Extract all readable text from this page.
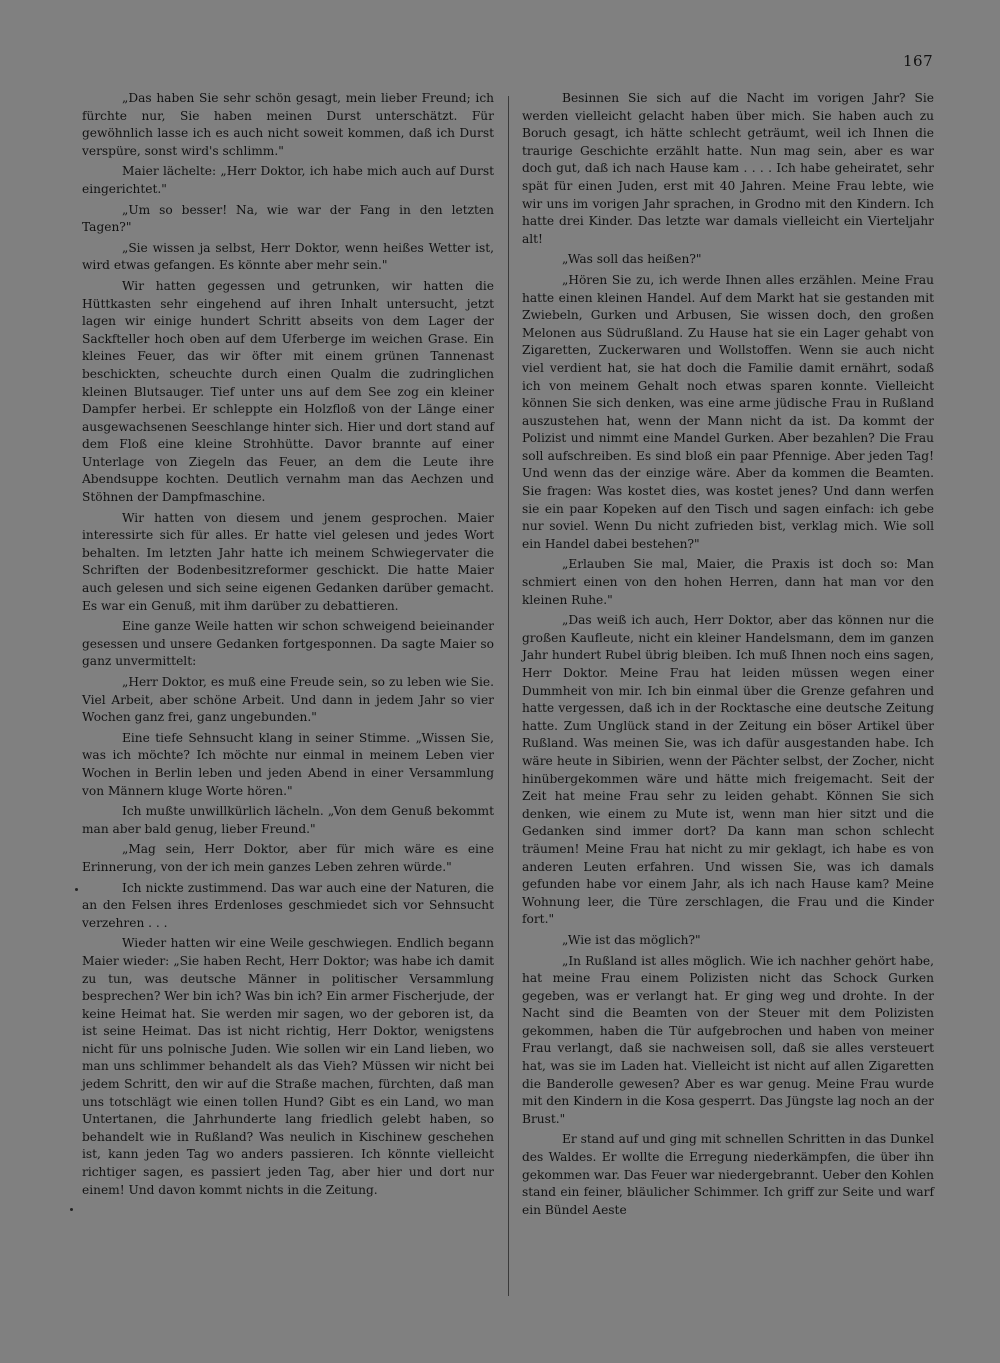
167

„Das haben Sie sehr schön gesagt, mein lieber Freund; ich fürchte nur, Sie haben meinen Durst unterschätzt. Für gewöhnlich lasse ich es auch nicht soweit kommen, daß ich Durst verspüre, sonst wird's schlimm."

Maier lächelte: „Herr Doktor, ich habe mich auch auf Durst eingerichtet."

„Um so besser! Na, wie war der Fang in den letzten Tagen?"

„Sie wissen ja selbst, Herr Doktor, wenn heißes Wetter ist, wird etwas gefangen. Es könnte aber mehr sein."

Wir hatten gegessen und getrunken, wir hatten die Hüttkasten sehr eingehend auf ihren Inhalt untersucht, jetzt lagen wir einige hundert Schritt abseits von dem Lager der Sackfteller hoch oben auf dem Uferberge im weichen Grase. Ein kleines Feuer, das wir öfter mit einem grünen Tannenast beschickten, scheuchte durch einen Qualm die zudringlichen kleinen Blutsauger. Tief unter uns auf dem See zog ein kleiner Dampfer herbei. Er schleppte ein Holzfloß von der Länge einer ausgewachsenen Seeschlange hinter sich. Hier und dort stand auf dem Floß eine kleine Strohhütte. Davor brannte auf einer Unterlage von Ziegeln das Feuer, an dem die Leute ihre Abendsuppe kochten. Deutlich vernahm man das Aechzen und Stöhnen der Dampfmaschine.

Wir hatten von diesem und jenem gesprochen. Maier interessirte sich für alles. Er hatte viel gelesen und jedes Wort behalten. Im letzten Jahr hatte ich meinem Schwiegervater die Schriften der Bodenbesitzreformer geschickt. Die hatte Maier auch gelesen und sich seine eigenen Gedanken darüber gemacht. Es war ein Genuß, mit ihm darüber zu debattieren.

Eine ganze Weile hatten wir schon schweigend beieinander gesessen und unsere Gedanken fortgesponnen. Da sagte Maier so ganz unvermittelt:

„Herr Doktor, es muß eine Freude sein, so zu leben wie Sie. Viel Arbeit, aber schöne Arbeit. Und dann in jedem Jahr so vier Wochen ganz frei, ganz ungebunden."

Eine tiefe Sehnsucht klang in seiner Stimme. „Wissen Sie, was ich möchte? Ich möchte nur einmal in meinem Leben vier Wochen in Berlin leben und jeden Abend in einer Versammlung von Männern kluge Worte hören."

Ich mußte unwillkürlich lächeln. „Von dem Genuß bekommt man aber bald genug, lieber Freund."

„Mag sein, Herr Doktor, aber für mich wäre es eine Erinnerung, von der ich mein ganzes Leben zehren würde."

Ich nickte zustimmend. Das war auch eine der Naturen, die an den Felsen ihres Erdenloses geschmiedet sich vor Sehnsucht verzehren . . .

Wieder hatten wir eine Weile geschwiegen. Endlich begann Maier wieder: „Sie haben Recht, Herr Doktor; was habe ich damit zu tun, was deutsche Männer in politischer Versammlung besprechen? Wer bin ich? Was bin ich? Ein armer Fischerjude, der keine Heimat hat. Sie werden mir sagen, wo der geboren ist, da ist seine Heimat. Das ist nicht richtig, Herr Doktor, wenigstens nicht für uns polnische Juden. Wie sollen wir ein Land lieben, wo man uns schlimmer behandelt als das Vieh? Müssen wir nicht bei jedem Schritt, den wir auf die Straße machen, fürchten, daß man uns totschlägt wie einen tollen Hund? Gibt es ein Land, wo man Untertanen, die Jahrhunderte lang friedlich gelebt haben, so behandelt wie in Rußland? Was neulich in Kischinew geschehen ist, kann jeden Tag wo anders passieren. Ich könnte vielleicht richtiger sagen, es passiert jeden Tag, aber hier und dort nur einem! Und davon kommt nichts in die Zeitung.

Besinnen Sie sich auf die Nacht im vorigen Jahr? Sie werden vielleicht gelacht haben über mich. Sie haben auch zu Boruch gesagt, ich hätte schlecht geträumt, weil ich Ihnen die traurige Geschichte erzählt hatte. Nun mag sein, aber es war doch gut, daß ich nach Hause kam . . . . Ich habe geheiratet, sehr spät für einen Juden, erst mit 40 Jahren. Meine Frau lebte, wie wir uns im vorigen Jahr sprachen, in Grodno mit den Kindern. Ich hatte drei Kinder. Das letzte war damals vielleicht ein Vierteljahr alt!

„Was soll das heißen?"

„Hören Sie zu, ich werde Ihnen alles erzählen. Meine Frau hatte einen kleinen Handel. Auf dem Markt hat sie gestanden mit Zwiebeln, Gurken und Arbusen, Sie wissen doch, den großen Melonen aus Südrußland. Zu Hause hat sie ein Lager gehabt von Zigaretten, Zuckerwaren und Wollstoffen. Wenn sie auch nicht viel verdient hat, sie hat doch die Familie damit ernährt, sodaß ich von meinem Gehalt noch etwas sparen konnte. Vielleicht können Sie sich denken, was eine arme jüdische Frau in Rußland auszustehen hat, wenn der Mann nicht da ist. Da kommt der Polizist und nimmt eine Mandel Gurken. Aber bezahlen? Die Frau soll aufschreiben. Es sind bloß ein paar Pfennige. Aber jeden Tag! Und wenn das der einzige wäre. Aber da kommen die Beamten. Sie fragen: Was kostet dies, was kostet jenes? Und dann werfen sie ein paar Kopeken auf den Tisch und sagen einfach: ich gebe nur soviel. Wenn Du nicht zufrieden bist, verklag mich. Wie soll ein Handel dabei bestehen?"

„Erlauben Sie mal, Maier, die Praxis ist doch so: Man schmiert einen von den hohen Herren, dann hat man vor den kleinen Ruhe."

„Das weiß ich auch, Herr Doktor, aber das können nur die großen Kaufleute, nicht ein kleiner Handelsmann, dem im ganzen Jahr hundert Rubel übrig bleiben. Ich muß Ihnen noch eins sagen, Herr Doktor. Meine Frau hat leiden müssen wegen einer Dummheit von mir. Ich bin einmal über die Grenze gefahren und hatte vergessen, daß ich in der Rocktasche eine deutsche Zeitung hatte. Zum Unglück stand in der Zeitung ein böser Artikel über Rußland. Was meinen Sie, was ich dafür ausgestanden habe. Ich wäre heute in Sibirien, wenn der Pächter selbst, der Zocher, nicht hinübergekommen wäre und hätte mich freigemacht. Seit der Zeit hat meine Frau sehr zu leiden gehabt. Können Sie sich denken, wie einem zu Mute ist, wenn man hier sitzt und die Gedanken sind immer dort? Da kann man schon schlecht träumen! Meine Frau hat nicht zu mir geklagt, ich habe es von anderen Leuten erfahren. Und wissen Sie, was ich damals gefunden habe vor einem Jahr, als ich nach Hause kam? Meine Wohnung leer, die Türe zerschlagen, die Frau und die Kinder fort."

„Wie ist das möglich?"

„In Rußland ist alles möglich. Wie ich nachher gehört habe, hat meine Frau einem Polizisten nicht das Schock Gurken gegeben, was er verlangt hat. Er ging weg und drohte. In der Nacht sind die Beamten von der Steuer mit dem Polizisten gekommen, haben die Tür aufgebrochen und haben von meiner Frau verlangt, daß sie nachweisen soll, daß sie alles versteuert hat, was sie im Laden hat. Vielleicht ist nicht auf allen Zigaretten die Banderolle gewesen? Aber es war genug. Meine Frau wurde mit den Kindern in die Kosa gesperrt. Das Jüngste lag noch an der Brust."

Er stand auf und ging mit schnellen Schritten in das Dunkel des Waldes. Er wollte die Erregung niederkämpfen, die über ihn gekommen war. Das Feuer war niedergebrannt. Ueber den Kohlen stand ein feiner, bläulicher Schimmer. Ich griff zur Seite und warf ein Bündel Aeste
